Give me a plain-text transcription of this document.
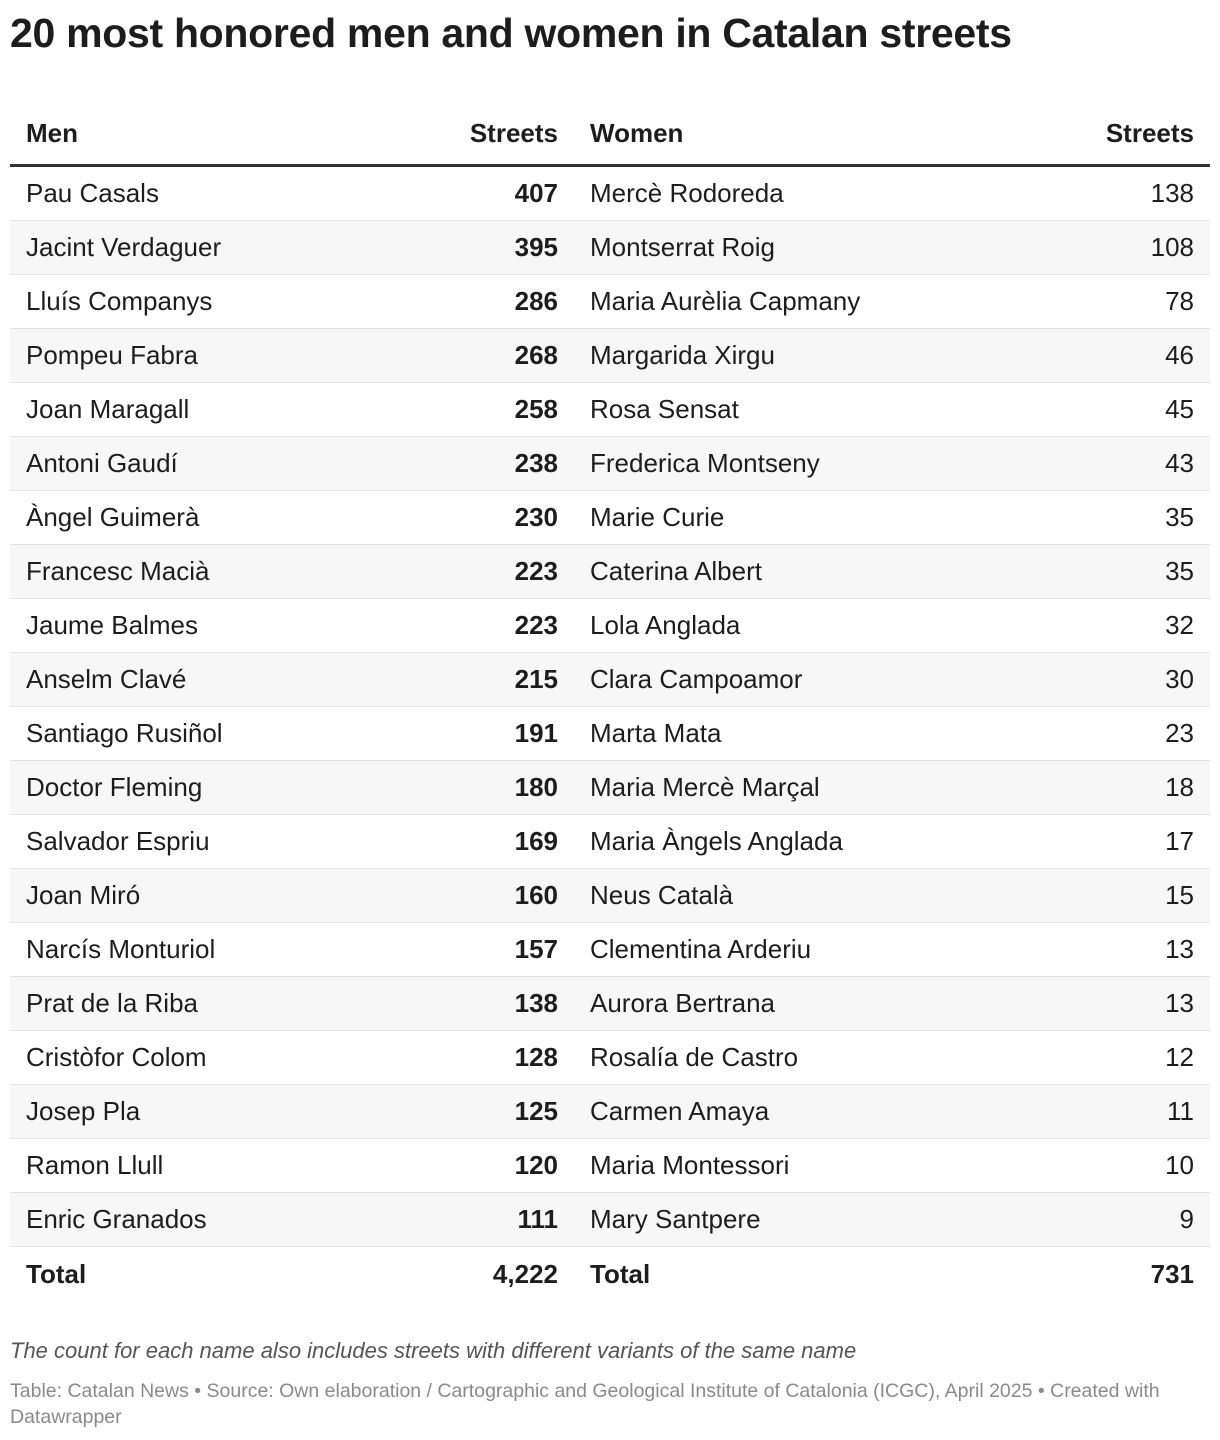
20 most honored men and women in Catalan streets
Men	Streets	Women	Streets
Pau Casals	407	Mercè Rodoreda	138
Jacint Verdaguer	395	Montserrat Roig	108
Lluís Companys	286	Maria Aurèlia Capmany	78
Pompeu Fabra	268	Margarida Xirgu	46
Joan Maragall	258	Rosa Sensat	45
Antoni Gaudí	238	Frederica Montseny	43
Àngel Guimerà	230	Marie Curie	35
Francesc Macià	223	Caterina Albert	35
Jaume Balmes	223	Lola Anglada	32
Anselm Clavé	215	Clara Campoamor	30
Santiago Rusiñol	191	Marta Mata	23
Doctor Fleming	180	Maria Mercè Marçal	18
Salvador Espriu	169	Maria Àngels Anglada	17
Joan Miró	160	Neus Català	15
Narcís Monturiol	157	Clementina Arderiu	13
Prat de la Riba	138	Aurora Bertrana	13
Cristòfor Colom	128	Rosalía de Castro	12
Josep Pla	125	Carmen Amaya	11
Ramon Llull	120	Maria Montessori	10
Enric Granados	111	Mary Santpere	9
Total	4,222	Total	731
The count for each name also includes streets with different variants of the same name
Table: Catalan News • Source: Own elaboration / Cartographic and Geological Institute of Catalonia (ICGC), April 2025 • Created with Datawrapper
